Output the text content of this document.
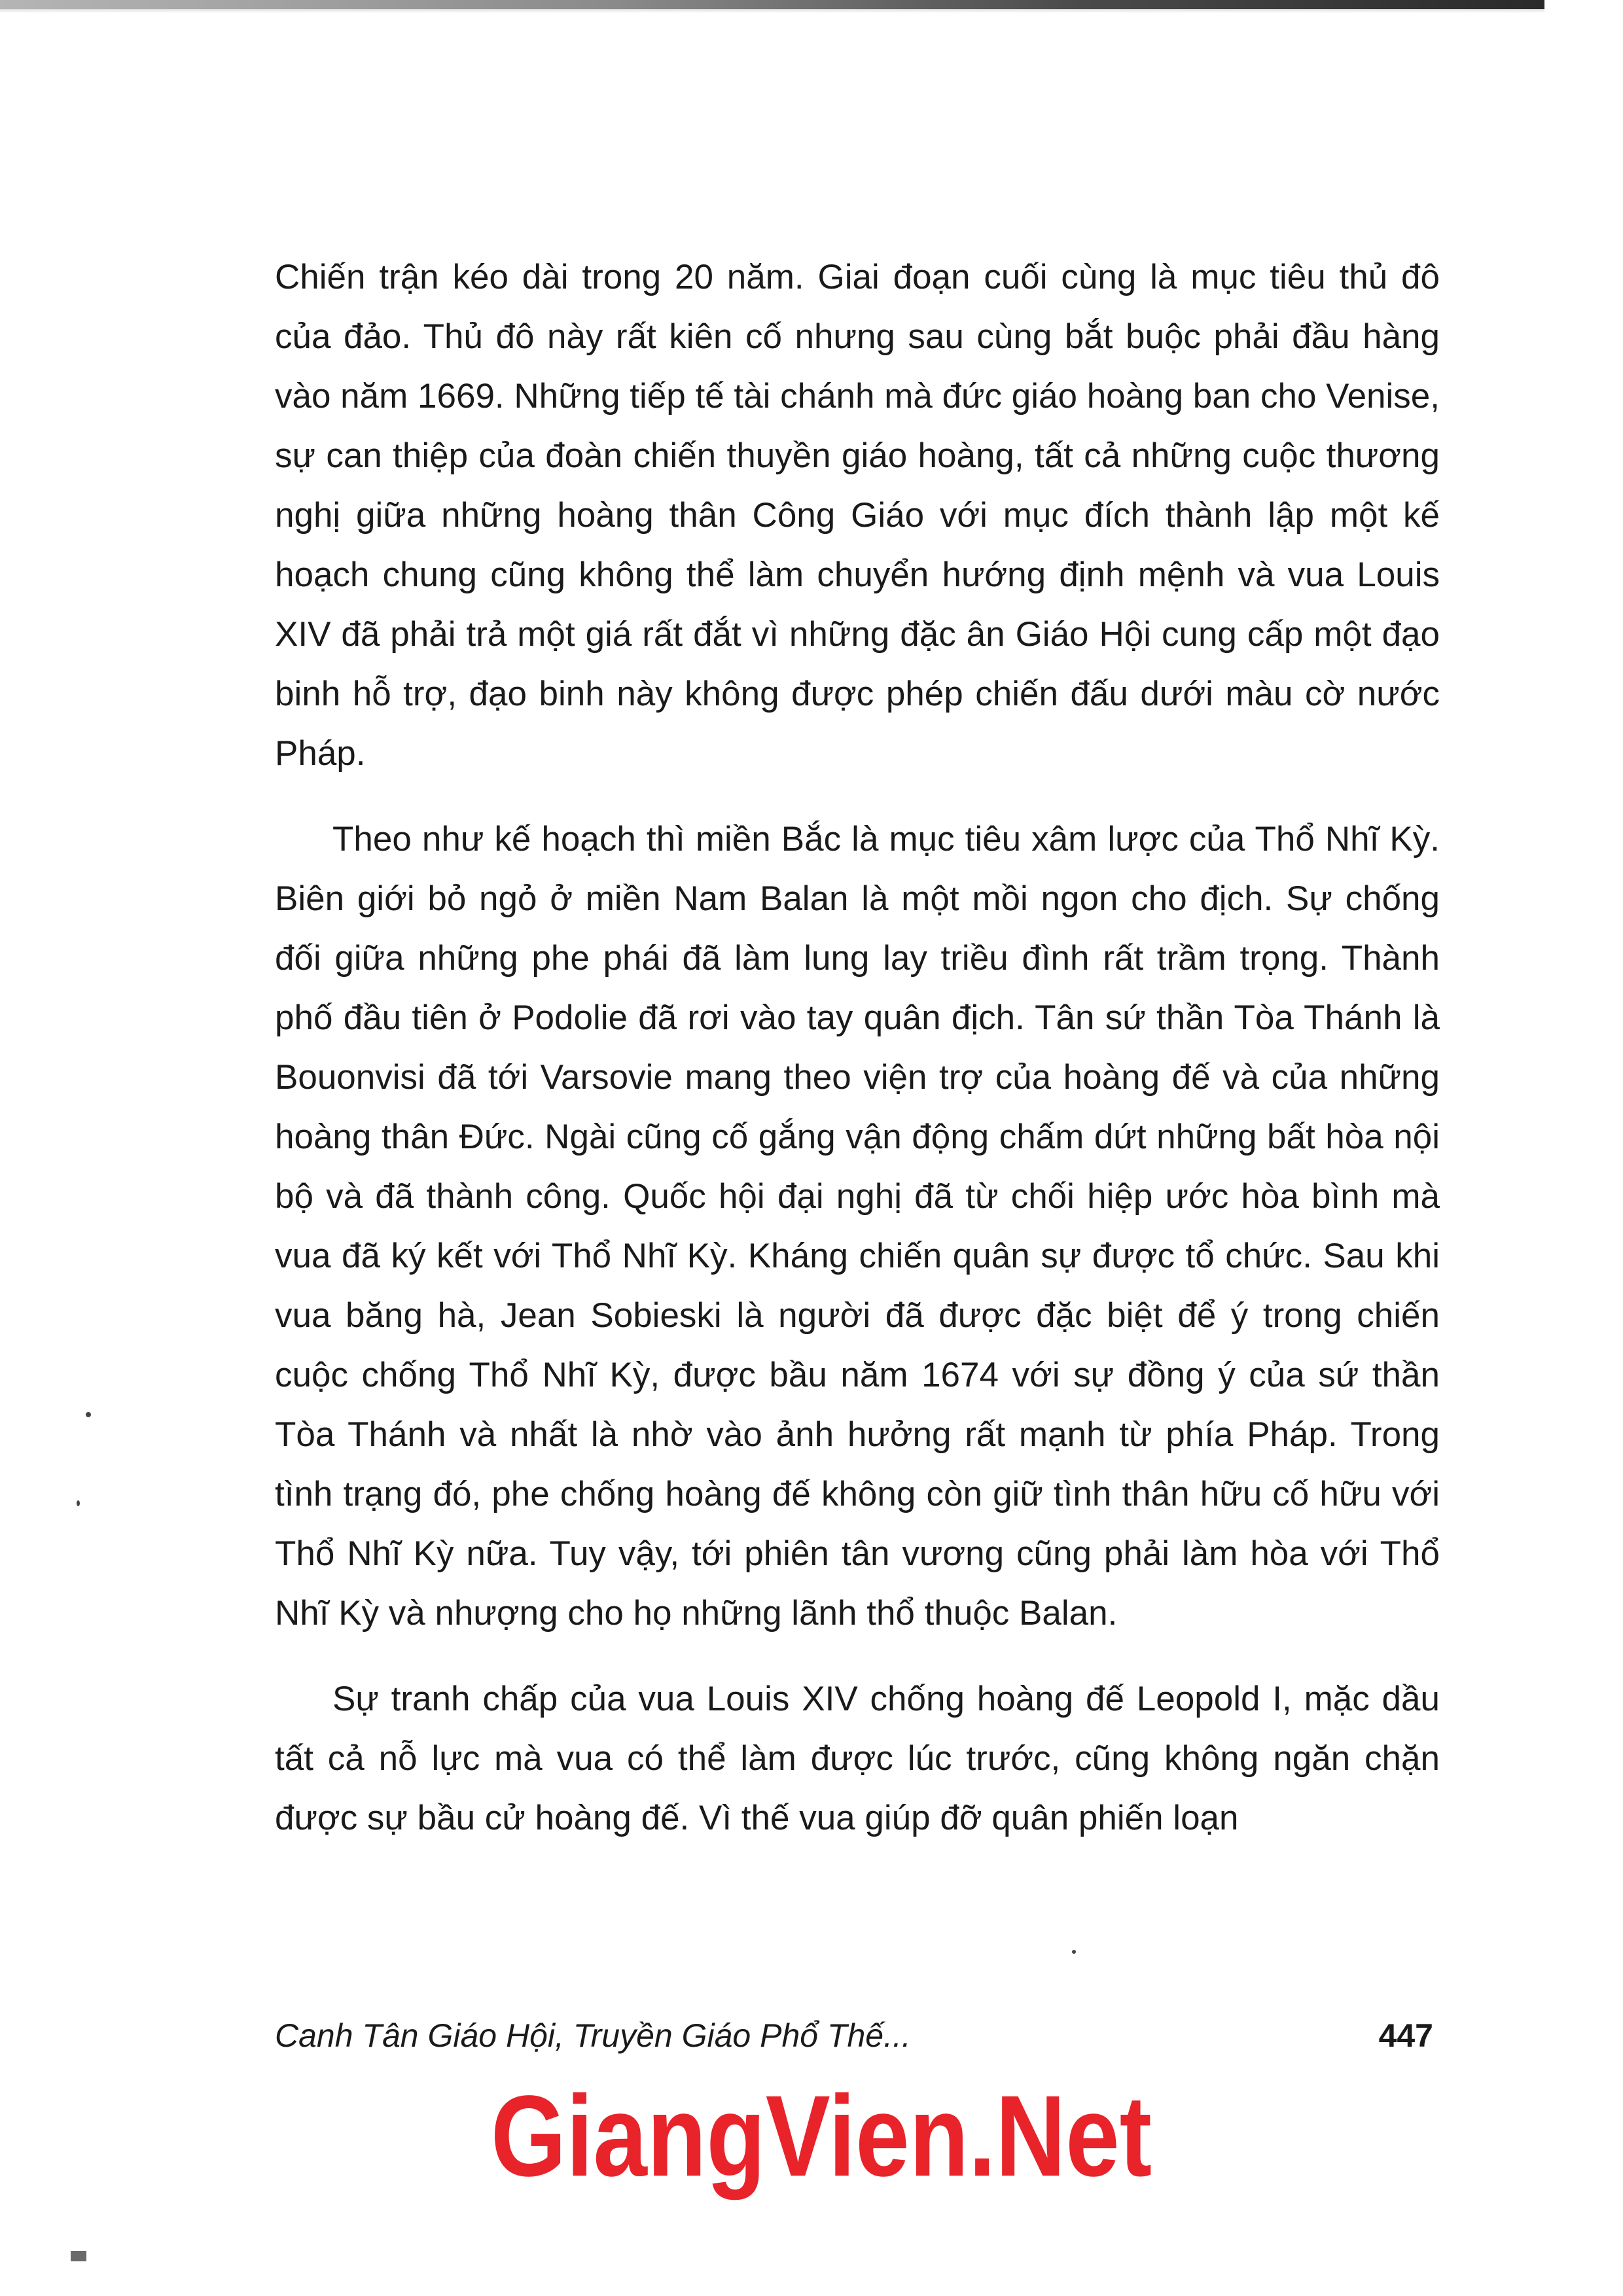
Chiến trận kéo dài trong 20 năm. Giai đoạn cuối cùng là mục tiêu thủ đô của đảo. Thủ đô này rất kiên cố nhưng sau cùng bắt buộc phải đầu hàng vào năm 1669. Những tiếp tế tài chánh mà đức giáo hoàng ban cho Venise, sự can thiệp của đoàn chiến thuyền giáo hoàng, tất cả những cuộc thương nghị giữa những hoàng thân Công Giáo với mục đích thành lập một kế hoạch chung cũng không thể làm chuyển hướng định mệnh và vua Louis XIV đã phải trả một giá rất đắt vì những đặc ân Giáo Hội cung cấp một đạo binh hỗ trợ, đạo binh này không được phép chiến đấu dưới màu cờ nước Pháp.

Theo như kế hoạch thì miền Bắc là mục tiêu xâm lược của Thổ Nhĩ Kỳ. Biên giới bỏ ngỏ ở miền Nam Balan là một mồi ngon cho địch. Sự chống đối giữa những phe phái đã làm lung lay triều đình rất trầm trọng. Thành phố đầu tiên ở Podolie đã rơi vào tay quân địch. Tân sứ thần Tòa Thánh là Bouonvisi đã tới Varsovie mang theo viện trợ của hoàng đế và của những hoàng thân Đức. Ngài cũng cố gắng vận động chấm dứt những bất hòa nội bộ và đã thành công. Quốc hội đại nghị đã từ chối hiệp ước hòa bình mà vua đã ký kết với Thổ Nhĩ Kỳ. Kháng chiến quân sự được tổ chức. Sau khi vua băng hà, Jean Sobieski là người đã được đặc biệt để ý trong chiến cuộc chống Thổ Nhĩ Kỳ, được bầu năm 1674 với sự đồng ý của sứ thần Tòa Thánh và nhất là nhờ vào ảnh hưởng rất mạnh từ phía Pháp. Trong tình trạng đó, phe chống hoàng đế không còn giữ tình thân hữu cố hữu với Thổ Nhĩ Kỳ nữa. Tuy vậy, tới phiên tân vương cũng phải làm hòa với Thổ Nhĩ Kỳ và nhượng cho họ những lãnh thổ thuộc Balan.

Sự tranh chấp của vua Louis XIV chống hoàng đế Leopold I, mặc dầu tất cả nỗ lực mà vua có thể làm được lúc trước, cũng không ngăn chặn được sự bầu cử hoàng đế. Vì thế vua giúp đỡ quân phiến loạn

Canh Tân Giáo Hội, Truyền Giáo Phổ Thế...	447
GiangVien.Net
